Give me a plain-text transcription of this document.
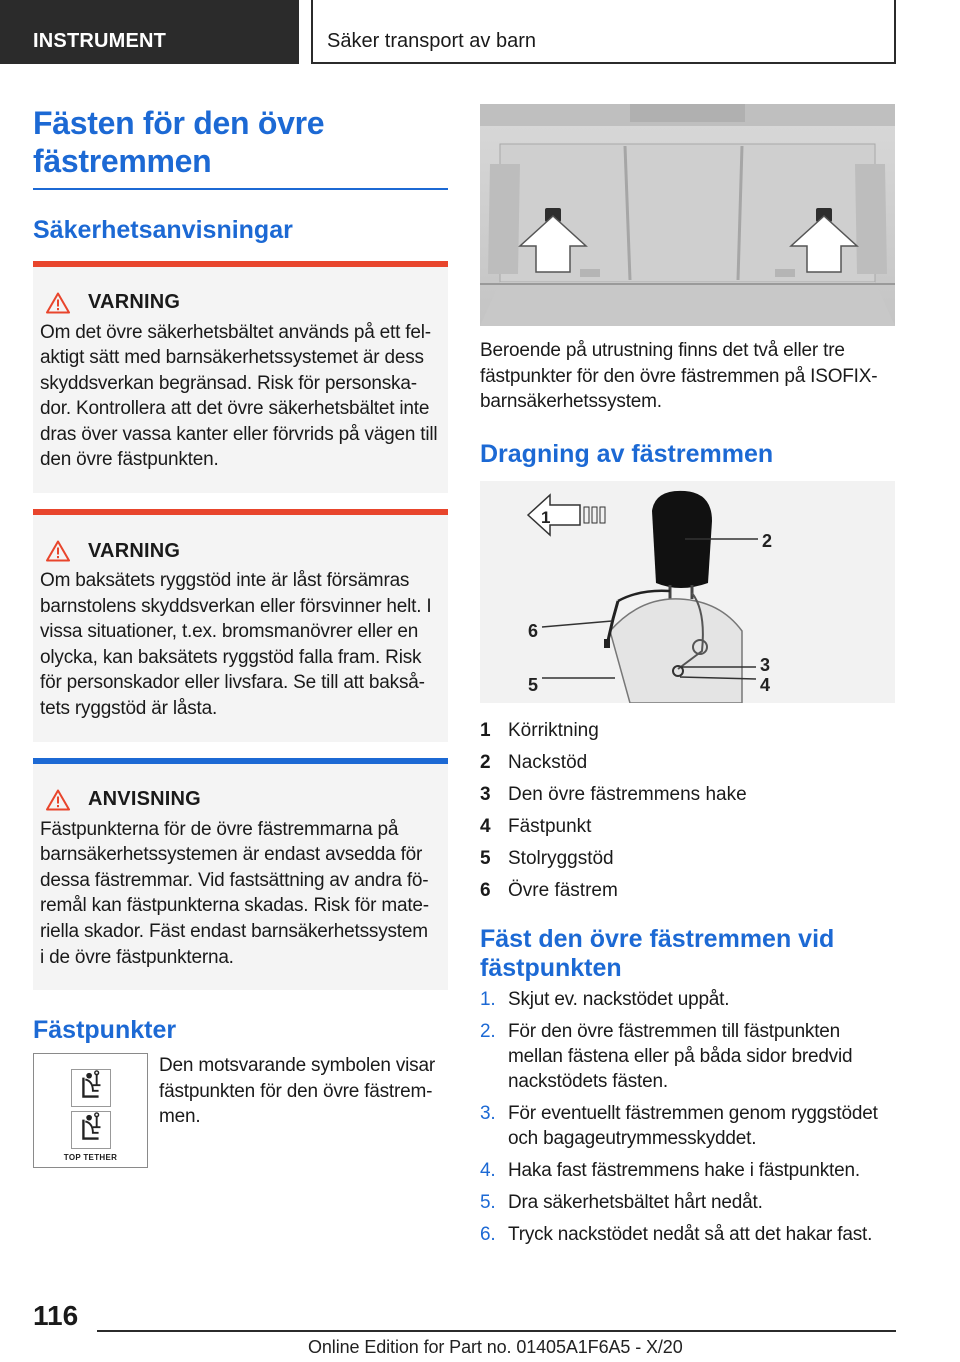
INSTRUMENT	Säker transport av barn
Fästen för den övre
fästremmen
Säkerhetsanvisningar
VARNING

Om det övre säkerhetsbältet används på ett fel-
aktigt sätt med barnsäkerhetssystemet är dess
skyddsverkan begränsad. Risk för personska-
dor. Kontrollera att det övre säkerhetsbältet inte
dras över vassa kanter eller förvrids på vägen till
den övre fästpunkten.

VARNING

Om baksätets ryggstöd inte är låst försämras
barnstolens skyddsverkan eller försvinner helt. I
vissa situationer, t.ex. bromsmanövrer eller en
olycka, kan baksätets ryggstöd falla fram. Risk
för personskador eller livsfara. Se till att bakså-
tets ryggstöd är låsta.

ANVISNING

Fästpunkterna för de övre fästremmarna på
barnsäkerhetssystemen är endast avsedda för
dessa fästremmar. Vid fastsättning av andra fö-
remål kan fästpunkterna skadas. Risk för mate-
riella skador. Fäst endast barnsäkerhetssystem
i de övre fästpunkterna.

Fästpunkter
TOP TETHER
Den motsvarande symbolen visar
fästpunkten för den övre fästrem-
men.

Beroende på utrustning finns det två eller tre
fästpunkter för den övre fästremmen på ISOFIX-
barnsäkerhetssystem.

Dragning av fästremmen
1
2
3
4
5
6
1 Körriktning
2 Nackstöd
3 Den övre fästremmens hake
4 Fästpunkt
5 Stolryggstöd
6 Övre fästrem
Fäst den övre fästremmen vid
fästpunkten
1. Skjut ev. nackstödet uppåt.
2. För den övre fästremmen till fästpunkten
mellan fästena eller på båda sidor bredvid
nackstödets fästen.
3. För eventuellt fästremmen genom ryggstödet
och bagageutrymmesskyddet.
4. Haka fast fästremmens hake i fästpunkten.
5. Dra säkerhetsbältet hårt nedåt.
6. Tryck nackstödet nedåt så att det hakar fast.
116
Online Edition for Part no. 01405A1F6A5 - X/20
